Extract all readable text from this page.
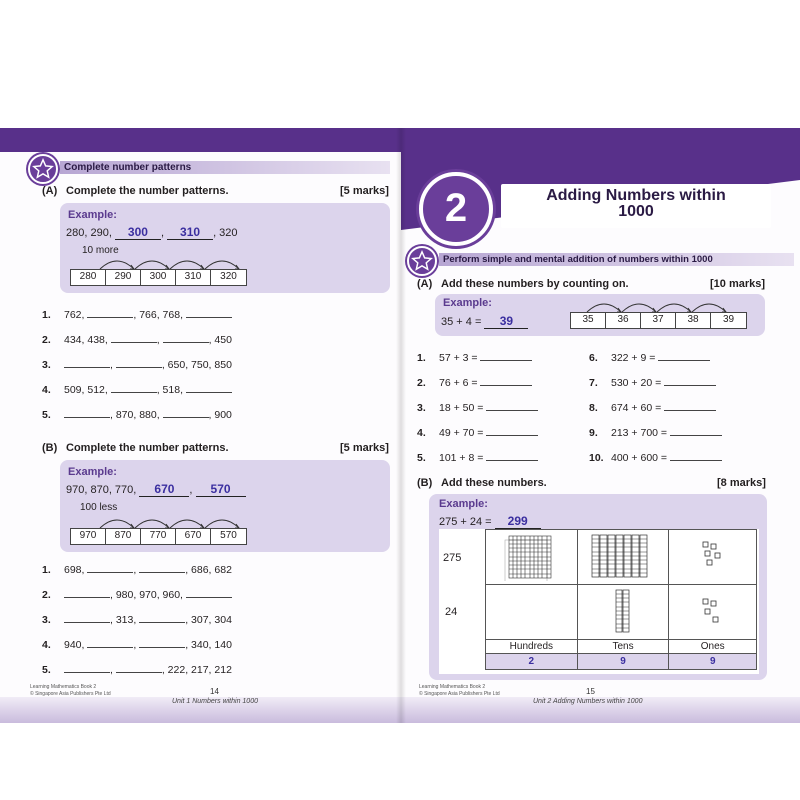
Complete number patterns
(A) Complete the number patterns.	[5 marks]
Example:
280, 290, 300 , 310 , 320
10 more
280	290	300	310	320
1. 762,	, 766, 768,
2. 434, 438,	,	, 450
3.	,	, 650, 750, 850
4. 509, 512,	, 518,
5.	, 870, 880,	, 900
(B) Complete the number patterns.	[5 marks]
Example:
970, 870, 770, 670 , 570
100 less
970	870	770	670	570
1. 698,	,	, 686, 682
2.	, 980, 970, 960,
3.	, 313,	, 307, 304
4. 940,	,	, 340, 140
5.	,	, 222, 217, 212
Learning Mathematics Book 2
© Singapore Asia Publishers Pte Ltd	14
Unit 1 Numbers within 1000
2	Adding Numbers within
1000
Perform simple and mental addition of numbers within 1000
(A) Add these numbers by counting on.	[10 marks]
Example:
35 + 4 = 39	35	36	37	38	39
1. 57 + 3 =
2. 76 + 6 =
3. 18 + 50 =
4. 49 + 70 =
5. 101 + 8 =
6. 322 + 9 =
7. 530 + 20 =
8. 674 + 60 =
9. 213 + 700 =
10. 400 + 600 =
(B) Add these numbers.	[8 marks]
Example:
275 + 24 = 299
275
24

Hundreds	Tens	Ones
2	9	9
Learning Mathematics Book 2
© Singapore Asia Publishers Pte Ltd	15
Unit 2 Adding Numbers within 1000
